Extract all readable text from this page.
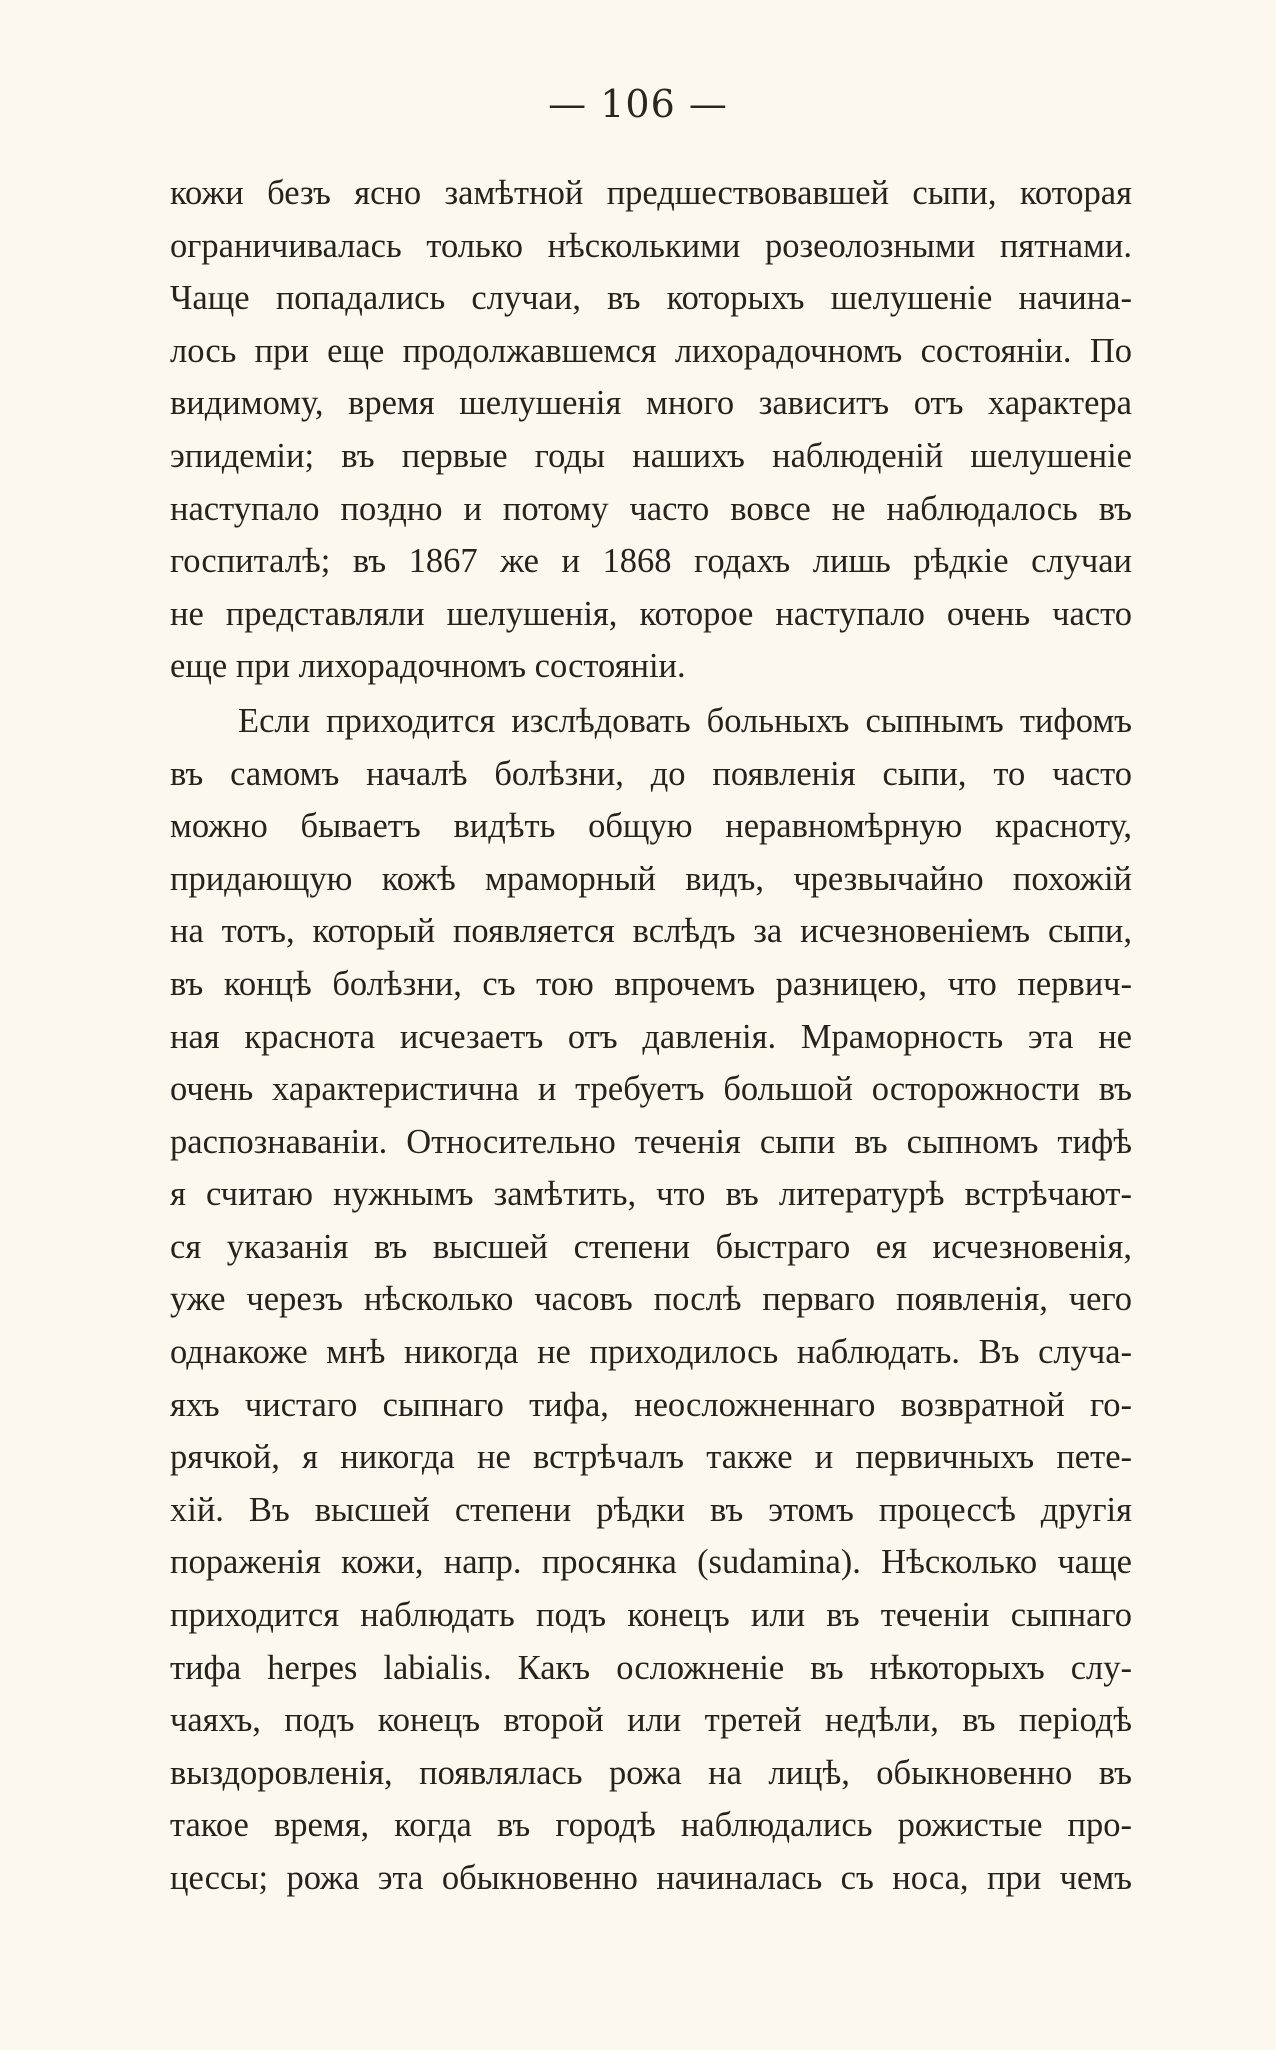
— 106 —
кожи безъ ясно замѣтной предшествовавшей сыпи, которая
ограничивалась только нѣсколькими розеолозными пятнами.
Чаще попадались случаи, въ которыхъ шелушеніе начина-
лось при еще продолжавшемся лихорадочномъ состояніи. По
видимому, время шелушенія много зависитъ отъ характера
эпидеміи; въ первые годы нашихъ наблюденій шелушеніе
наступало поздно и потому часто вовсе не наблюдалось въ
госпиталѣ; въ 1867 же и 1868 годахъ лишь рѣдкіе случаи
не представляли шелушенія, которое наступало очень часто
еще при лихорадочномъ состояніи.
Если приходится изслѣдовать больныхъ сыпнымъ тифомъ
въ самомъ началѣ болѣзни, до появленія сыпи, то часто
можно бываетъ видѣть общую неравномѣрную красноту,
придающую кожѣ мраморный видъ, чрезвычайно похожій
на тотъ, который появляется вслѣдъ за исчезновеніемъ сыпи,
въ концѣ болѣзни, съ тою впрочемъ разницею, что первич-
ная краснота исчезаетъ отъ давленія. Мраморность эта не
очень характеристична и требуетъ большой осторожности въ
распознаваніи. Относительно теченія сыпи въ сыпномъ тифѣ
я считаю нужнымъ замѣтить, что въ литературѣ встрѣчают-
ся указанія въ высшей степени быстраго ея исчезновенія,
уже черезъ нѣсколько часовъ послѣ перваго появленія, чего
однакоже мнѣ никогда не приходилось наблюдать. Въ случа-
яхъ чистаго сыпнаго тифа, неосложненнаго возвратной го-
рячкой, я никогда не встрѣчалъ также и первичныхъ пете-
хій. Въ высшей степени рѣдки въ этомъ процессѣ другія
пораженія кожи, напр. просянка (sudamina). Нѣсколько чаще
приходится наблюдать подъ конецъ или въ теченіи сыпнаго
тифа herpes labialis. Какъ осложненіе въ нѣкоторыхъ слу-
чаяхъ, подъ конецъ второй или третей недѣли, въ періодѣ
выздоровленія, появлялась рожа на лицѣ, обыкновенно въ
такое время, когда въ городѣ наблюдались рожистые про-
цессы; рожа эта обыкновенно начиналась съ носа, при чемъ
